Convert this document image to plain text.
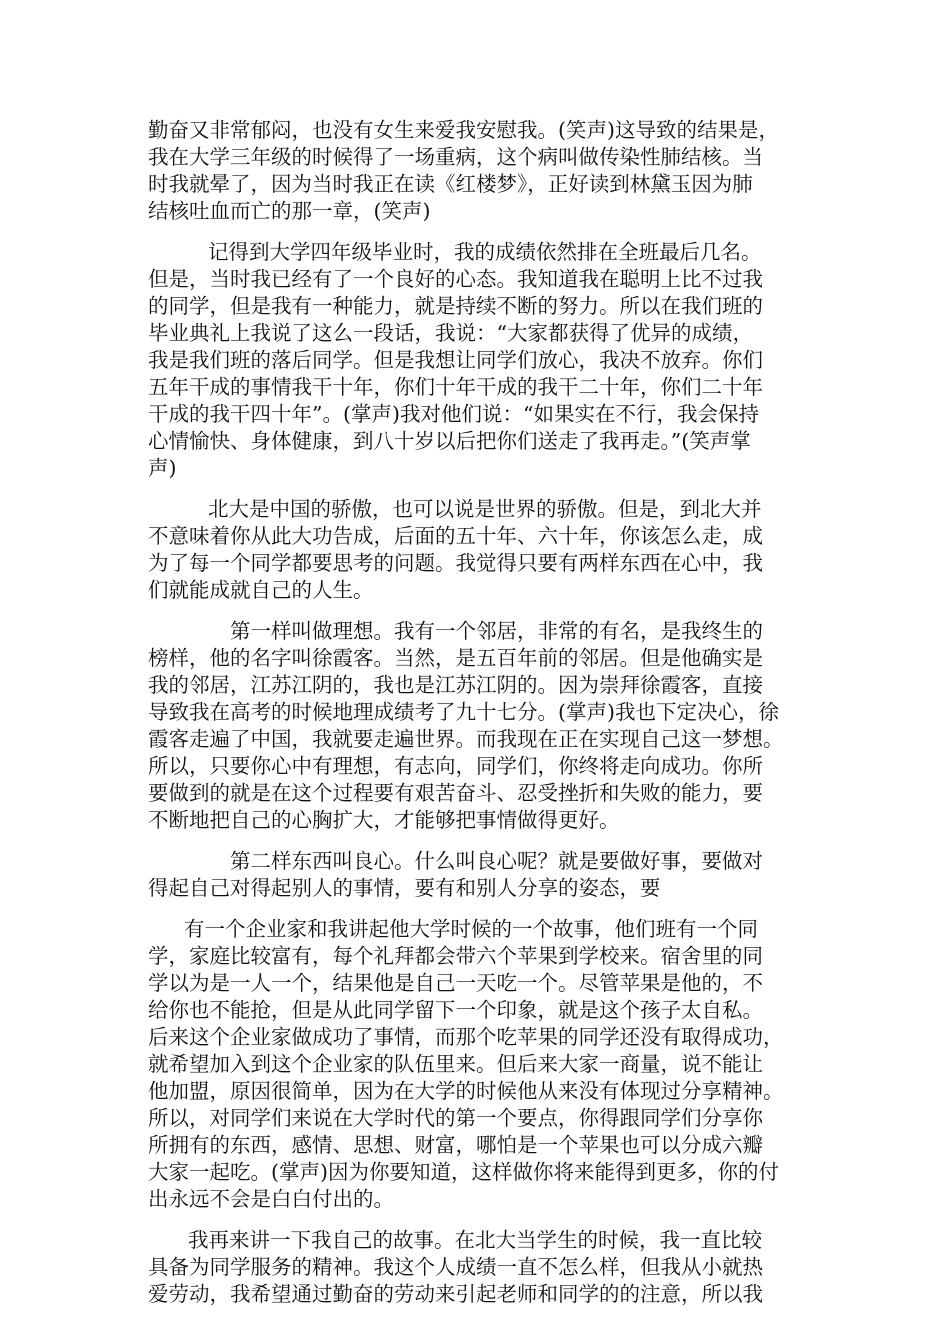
勤奋又非常郁闷，也没有女生来爱我安慰我。(笑声)这导致的结果是，
我在大学三年级的时候得了一场重病，这个病叫做传染性肺结核。当
时我就晕了，因为当时我正在读《红楼梦》，正好读到林黛玉因为肺
结核吐血而亡的那一章，(笑声)

记得到大学四年级毕业时，我的成绩依然排在全班最后几名。
但是，当时我已经有了一个良好的心态。我知道我在聪明上比不过我
的同学，但是我有一种能力，就是持续不断的努力。所以在我们班的
毕业典礼上我说了这么一段话，我说：“大家都获得了优异的成绩，
我是我们班的落后同学。但是我想让同学们放心，我决不放弃。你们
五年干成的事情我干十年，你们十年干成的我干二十年，你们二十年
干成的我干四十年”。(掌声)我对他们说：“如果实在不行，我会保持
心情愉快、身体健康，到八十岁以后把你们送走了我再走。”(笑声掌
声)

北大是中国的骄傲，也可以说是世界的骄傲。但是，到北大并
不意味着你从此大功告成，后面的五十年、六十年，你该怎么走，成
为了每一个同学都要思考的问题。我觉得只要有两样东西在心中，我
们就能成就自己的人生。

第一样叫做理想。我有一个邻居，非常的有名，是我终生的
榜样，他的名字叫徐霞客。当然，是五百年前的邻居。但是他确实是
我的邻居，江苏江阴的，我也是江苏江阴的。因为崇拜徐霞客，直接
导致我在高考的时候地理成绩考了九十七分。(掌声)我也下定决心，徐
霞客走遍了中国，我就要走遍世界。而我现在正在实现自己这一梦想。
所以，只要你心中有理想，有志向，同学们，你终将走向成功。你所
要做到的就是在这个过程要有艰苦奋斗、忍受挫折和失败的能力，要
不断地把自己的心胸扩大，才能够把事情做得更好。

第二样东西叫良心。什么叫良心呢？就是要做好事，要做对
得起自己对得起别人的事情，要有和别人分享的姿态，要

有一个企业家和我讲起他大学时候的一个故事，他们班有一个同
学，家庭比较富有，每个礼拜都会带六个苹果到学校来。宿舍里的同
学以为是一人一个，结果他是自己一天吃一个。尽管苹果是他的，不
给你也不能抢，但是从此同学留下一个印象，就是这个孩子太自私。
后来这个企业家做成功了事情，而那个吃苹果的同学还没有取得成功，
就希望加入到这个企业家的队伍里来。但后来大家一商量，说不能让
他加盟，原因很简单，因为在大学的时候他从来没有体现过分享精神。
所以，对同学们来说在大学时代的第一个要点，你得跟同学们分享你
所拥有的东西，感情、思想、财富，哪怕是一个苹果也可以分成六瓣
大家一起吃。(掌声)因为你要知道，这样做你将来能得到更多，你的付
出永远不会是白白付出的。

我再来讲一下我自己的故事。在北大当学生的时候，我一直比较
具备为同学服务的精神。我这个人成绩一直不怎么样，但我从小就热
爱劳动，我希望通过勤奋的劳动来引起老师和同学的的注意，所以我
